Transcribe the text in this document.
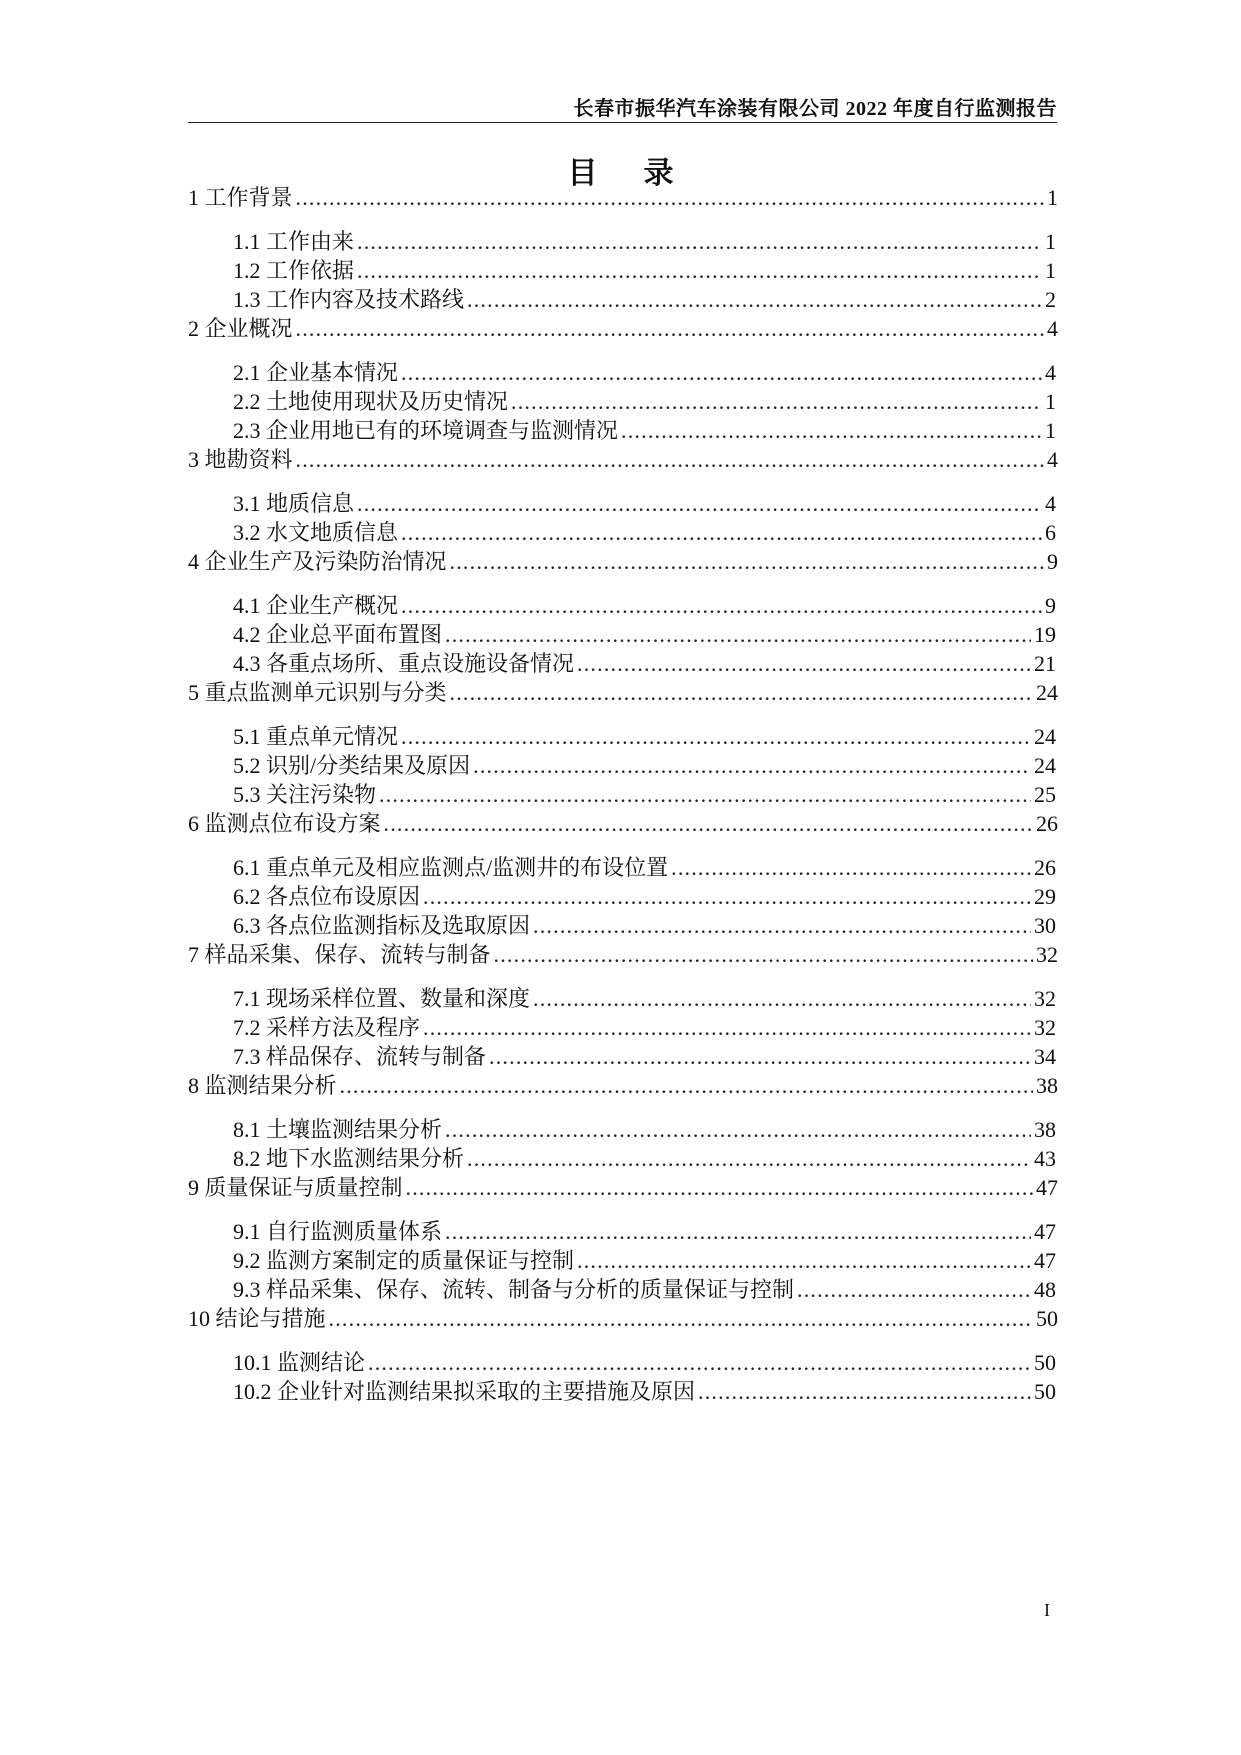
长春市振华汽车涂装有限公司 2022 年度自行监测报告
目 录
1 工作背景 .....	1
1.1 工作由来 .....	1
1.2 工作依据 .....	1
1.3 工作内容及技术路线 .....	2
2 企业概况 .....	4
2.1 企业基本情况 .....	4
2.2 土地使用现状及历史情况 .....	1
2.3 企业用地已有的环境调查与监测情况 .....	1
3 地勘资料 .....	4
3.1 地质信息 .....	4
3.2 水文地质信息 .....	6
4 企业生产及污染防治情况 .....	9
4.1 企业生产概况 .....	9
4.2 企业总平面布置图 .....	19
4.3 各重点场所、重点设施设备情况 .....	21
5 重点监测单元识别与分类 .....	24
5.1 重点单元情况 .....	24
5.2 识别/分类结果及原因 .....	24
5.3 关注污染物 .....	25
6 监测点位布设方案 .....	26
6.1 重点单元及相应监测点/监测井的布设位置 .....	26
6.2 各点位布设原因 .....	29
6.3 各点位监测指标及选取原因 .....	30
7 样品采集、保存、流转与制备 .....	32
7.1 现场采样位置、数量和深度 .....	32
7.2 采样方法及程序 .....	32
7.3 样品保存、流转与制备 .....	34
8 监测结果分析 .....	38
8.1 土壤监测结果分析 .....	38
8.2 地下水监测结果分析 .....	43
9 质量保证与质量控制 .....	47
9.1 自行监测质量体系 .....	47
9.2 监测方案制定的质量保证与控制 .....	47
9.3 样品采集、保存、流转、制备与分析的质量保证与控制 .....	48
10 结论与措施 .....	50
10.1 监测结论 .....	50
10.2 企业针对监测结果拟采取的主要措施及原因 .....	50
I
